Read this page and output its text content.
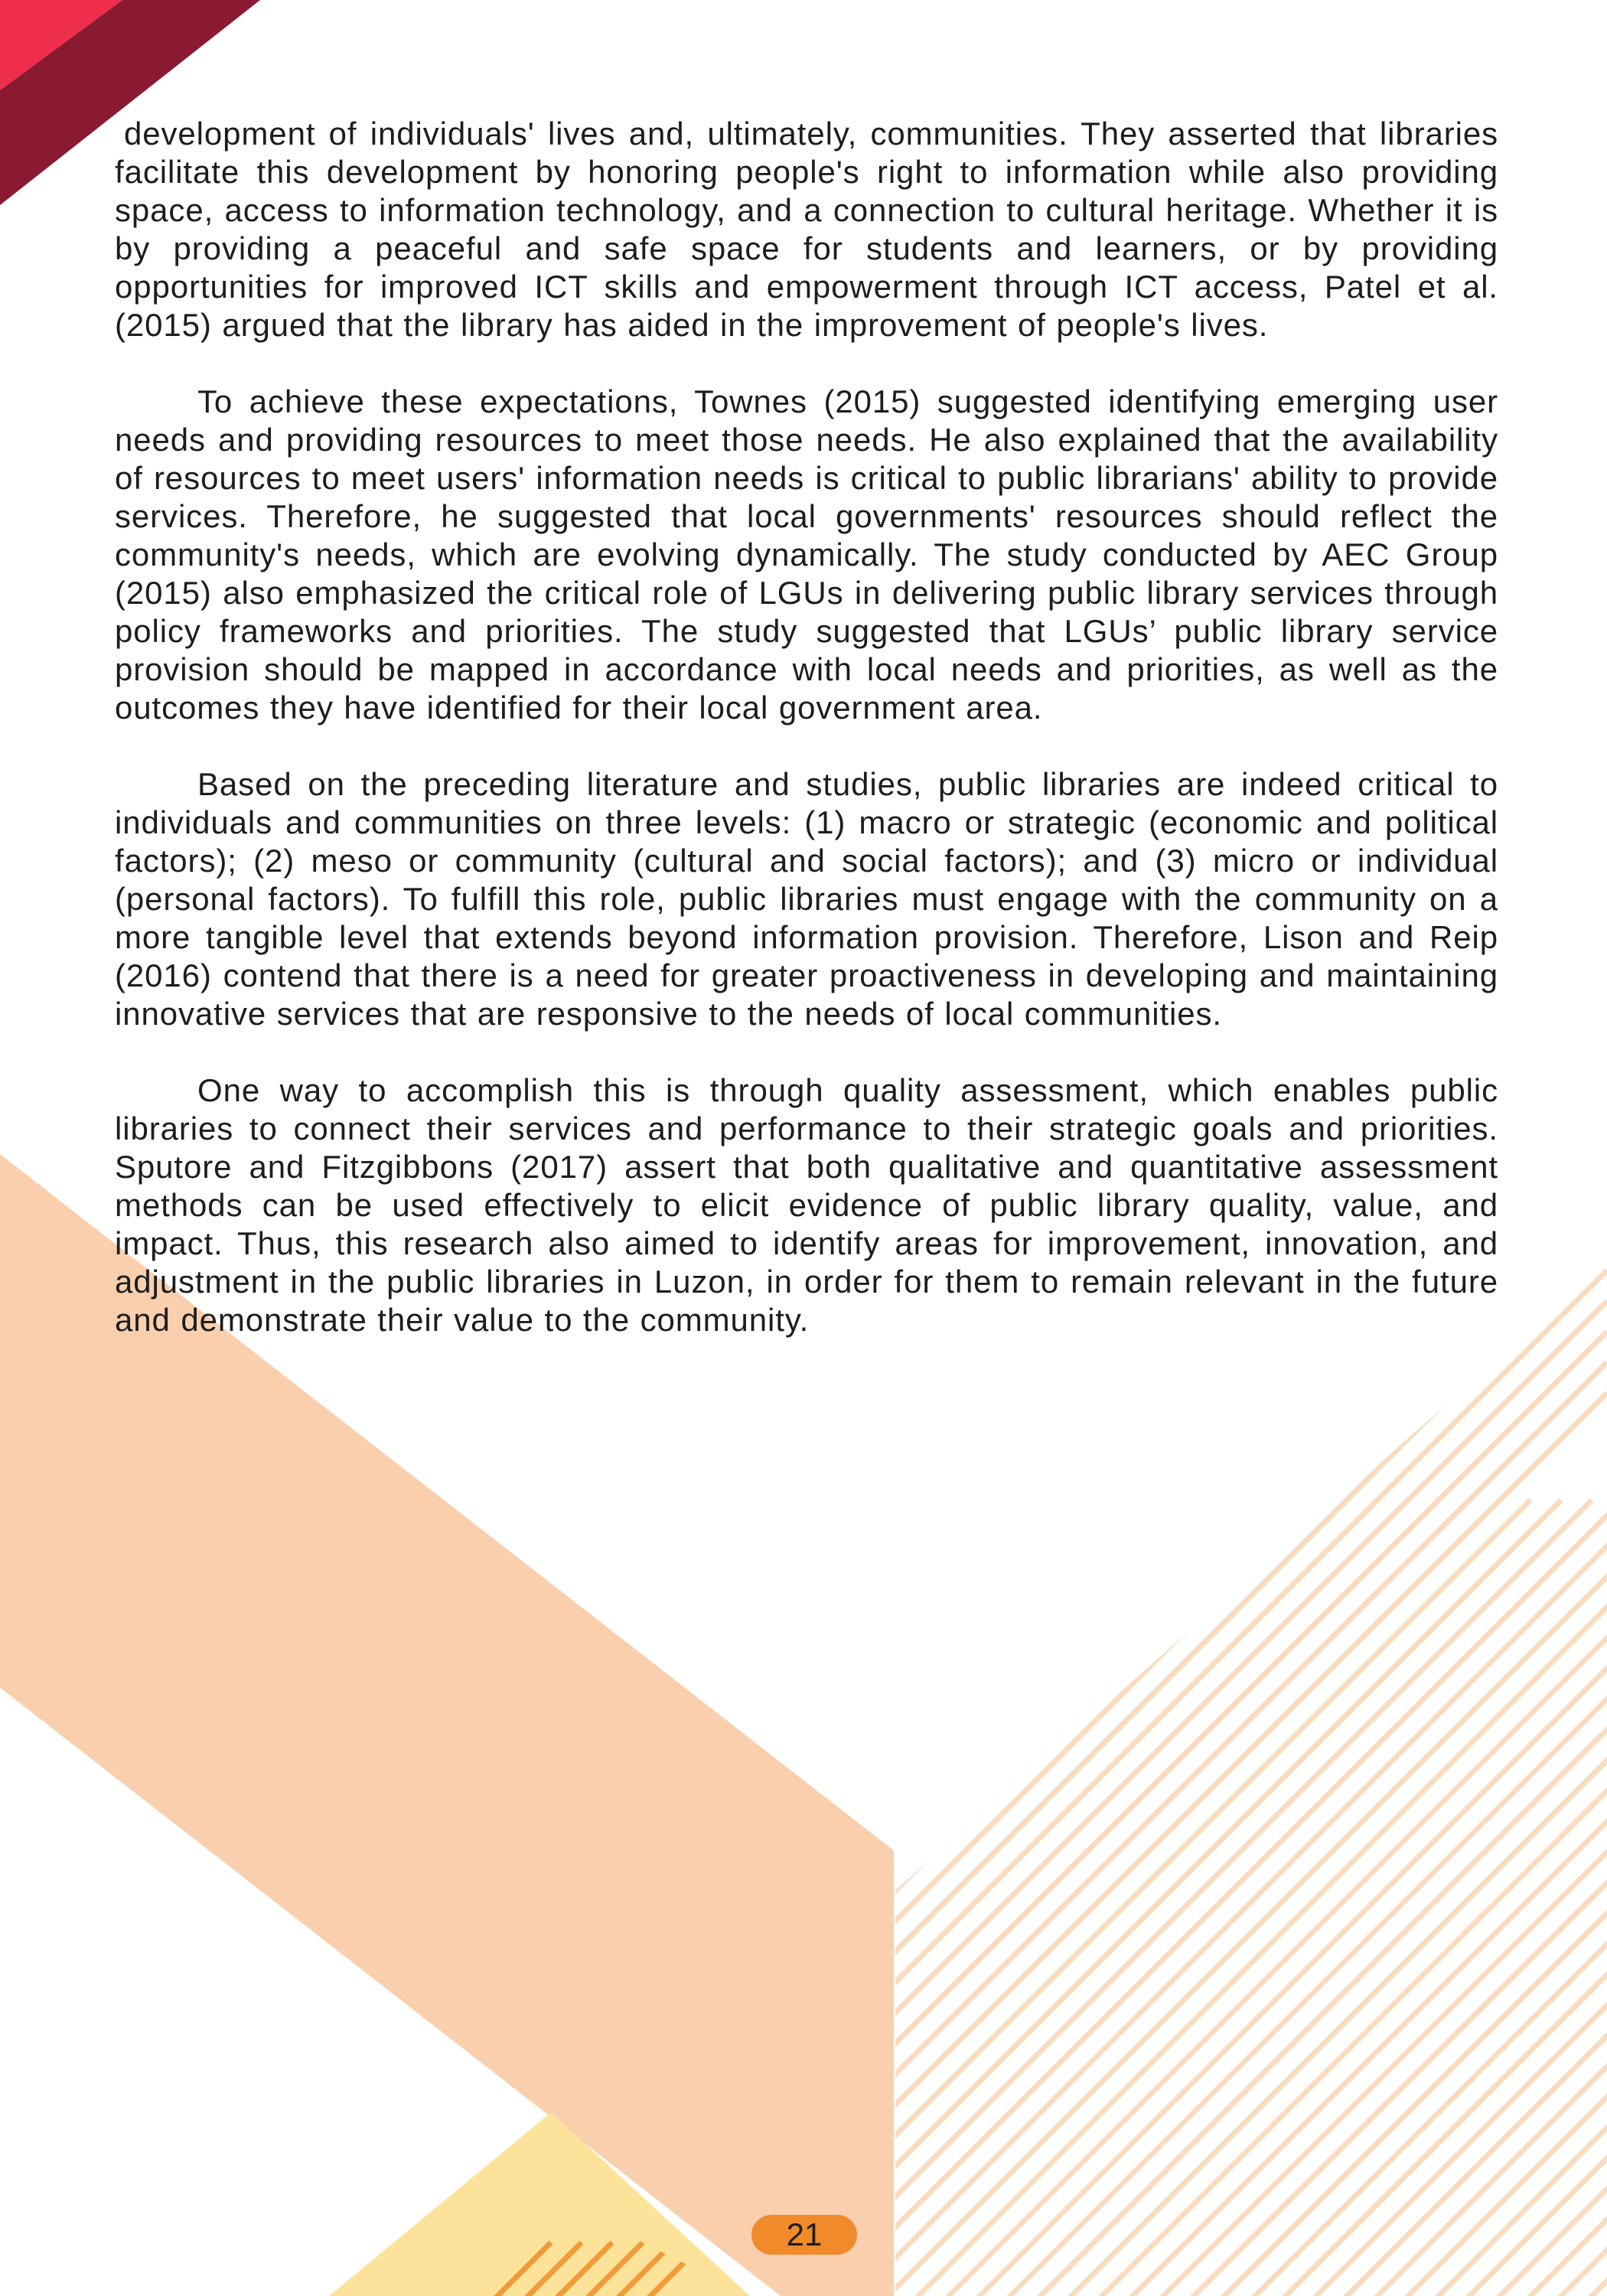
development of individuals' lives and, ultimately, communities. They asserted that libraries facilitate this development by honoring people's right to information while also providing space, access to information technology, and a connection to cultural heritage. Whether it is by providing a peaceful and safe space for students and learners, or by providing opportunities for improved ICT skills and empowerment through ICT access, Patel et al. (2015) argued that the library has aided in the improvement of people's lives.

To achieve these expectations, Townes (2015) suggested identifying emerging user needs and providing resources to meet those needs. He also explained that the availability of resources to meet users' information needs is critical to public librarians' ability to provide services. Therefore, he suggested that local governments' resources should reflect the community's needs, which are evolving dynamically. The study conducted by AEC Group (2015) also emphasized the critical role of LGUs in delivering public library services through policy frameworks and priorities. The study suggested that LGUs’ public library service provision should be mapped in accordance with local needs and priorities, as well as the outcomes they have identified for their local government area.

Based on the preceding literature and studies, public libraries are indeed critical to individuals and communities on three levels: (1) macro or strategic (economic and political factors); (2) meso or community (cultural and social factors); and (3) micro or individual (personal factors). To fulfill this role, public libraries must engage with the community on a more tangible level that extends beyond information provision. Therefore, Lison and Reip (2016) contend that there is a need for greater proactiveness in developing and maintaining innovative services that are responsive to the needs of local communities.

One way to accomplish this is through quality assessment, which enables public libraries to connect their services and performance to their strategic goals and priorities. Sputore and Fitzgibbons (2017) assert that both qualitative and quantitative assessment methods can be used effectively to elicit evidence of public library quality, value, and impact. Thus, this research also aimed to identify areas for improvement, innovation, and adjustment in the public libraries in Luzon, in order for them to remain relevant in the future and demonstrate their value to the community.

21
